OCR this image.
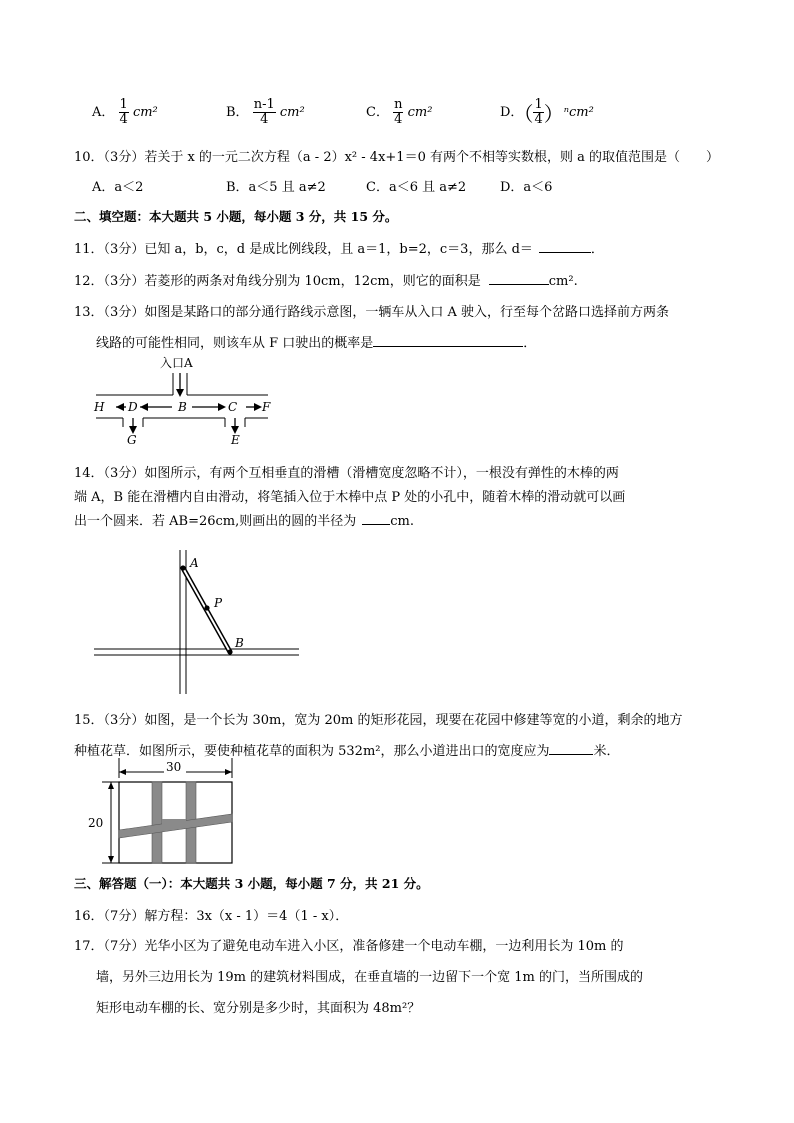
A． $\frac{1}{4} cm^2$	B． $\frac{n-1}{4} cm^2$	C． $\frac{n}{4} cm^2$	D．（ $\frac{1}{4} )^ncm^2$
10．（3分）若关于 x 的一元二次方程（a - 2）x² - 4x+1＝0 有两个不相等实数根，则 a 的取值范围是（　　）
A．a＜2	B．a＜5 且 a≠2	C．a＜6 且 a≠2	D．a＜6
二、填空题：本大题共 5 小题，每小题 3 分，共 15 分。
11．（3分）已知 a，b，c，d 是成比例线段，且 a＝1，b=2，c＝3，那么 d＝	．
12．（3分）若菱形的两条对角线分别为 10cm，12cm，则它的面积是	cm².
13．（3分）如图是某路口的部分通行路线示意图，一辆车从入口 A 驶入，行至每个岔路口选择前方两条
线路的可能性相同，则该车从 F 口驶出的概率是	．
入口A
H D	B	C F
G	E
14．（3分）如图所示，有两个互相垂直的滑槽（滑槽宽度忽略不计），一根没有弹性的木棒的两
端 A，B 能在滑槽内自由滑动，将笔插入位于木棒中点 P 处的小孔中，随着木棒的滑动就可以画
出一个圆来．若 AB=26cm,则画出的圆的半径为	cm.
A
P
B
15．（3分）如图，是一个长为 30m，宽为 20m 的矩形花园，现要在花园中修建等宽的小道，剩余的地方
种植花草．如图所示，要使种植花草的面积为 532m²，那么小道进出口的宽度应为	米．
30
20
三、解答题（一）：本大题共 3 小题，每小题 7 分，共 21 分。
16．（7分）解方程：3x（x - 1）＝4（1 - x）．
17．（7分）光华小区为了避免电动车进入小区，准备修建一个电动车棚，一边利用长为 10m 的
墙，另外三边用长为 19m 的建筑材料围成，在垂直墙的一边留下一个宽 1m 的门，当所围成的
矩形电动车棚的长、宽分别是多少时，其面积为 48m²？
